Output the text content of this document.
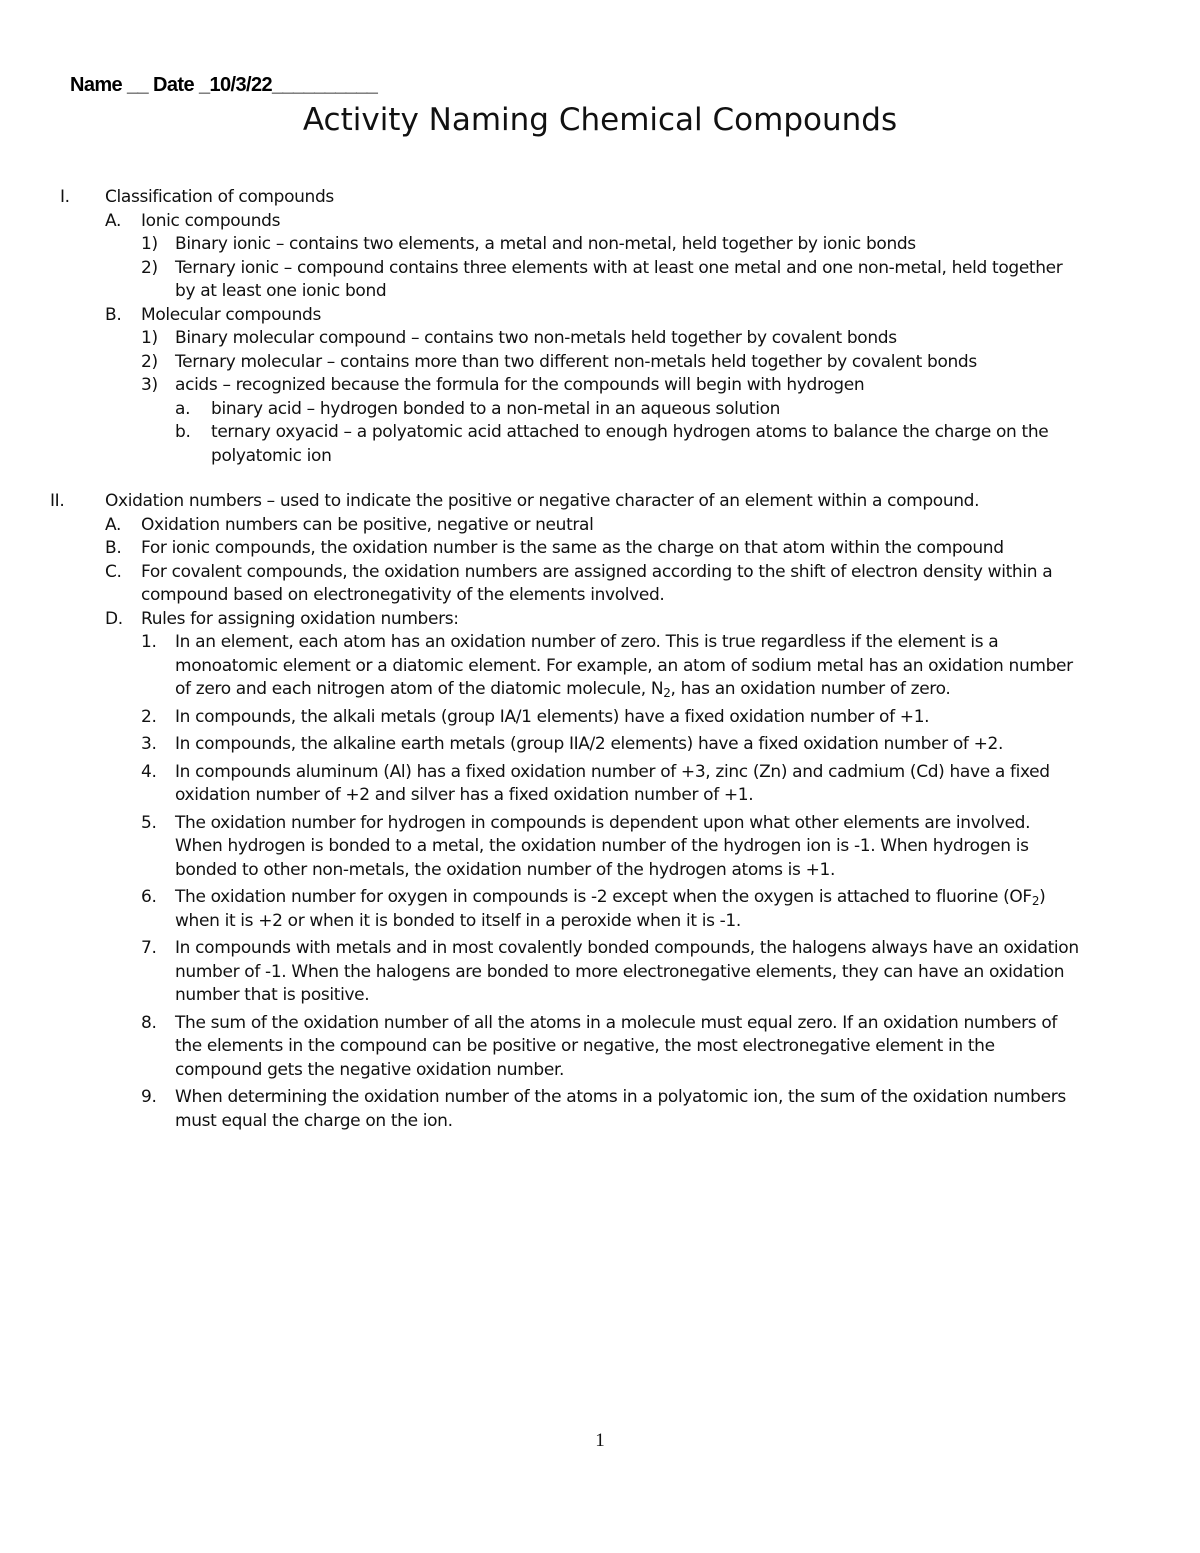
Name __ Date _10/3/22__________
Activity Naming Chemical Compounds
I. Classification of compounds
A. Ionic compounds
1) Binary ionic – contains two elements, a metal and non-metal, held together by ionic bonds
2) Ternary ionic – compound contains three elements with at least one metal and one non-metal, held together
by at least one ionic bond
B. Molecular compounds
1) Binary molecular compound – contains two non-metals held together by covalent bonds
2) Ternary molecular – contains more than two different non-metals held together by covalent bonds
3) acids – recognized because the formula for the compounds will begin with hydrogen
a. binary acid – hydrogen bonded to a non-metal in an aqueous solution
b. ternary oxyacid – a polyatomic acid attached to enough hydrogen atoms to balance the charge on the
polyatomic ion
II. Oxidation numbers – used to indicate the positive or negative character of an element within a compound.
A. Oxidation numbers can be positive, negative or neutral
B. For ionic compounds, the oxidation number is the same as the charge on that atom within the compound
C. For covalent compounds, the oxidation numbers are assigned according to the shift of electron density within a
compound based on electronegativity of the elements involved.
D. Rules for assigning oxidation numbers:
1. In an element, each atom has an oxidation number of zero. This is true regardless if the element is a
monoatomic element or a diatomic element. For example, an atom of sodium metal has an oxidation number
of zero and each nitrogen atom of the diatomic molecule, $N_2$, has an oxidation number of zero.
2. In compounds, the alkali metals (group IA/1 elements) have a fixed oxidation number of +1.
3. In compounds, the alkaline earth metals (group IIA/2 elements) have a fixed oxidation number of +2.
4. In compounds aluminum (Al) has a fixed oxidation number of +3, zinc (Zn) and cadmium (Cd) have a fixed
oxidation number of +2 and silver has a fixed oxidation number of +1.
5. The oxidation number for hydrogen in compounds is dependent upon what other elements are involved.
When hydrogen is bonded to a metal, the oxidation number of the hydrogen ion is -1. When hydrogen is
bonded to other non-metals, the oxidation number of the hydrogen atoms is +1.
6. The oxidation number for oxygen in compounds is -2 except when the oxygen is attached to fluorine $(OF_2)$
when it is +2 or when it is bonded to itself in a peroxide when it is -1.
7. In compounds with metals and in most covalently bonded compounds, the halogens always have an oxidation
number of -1. When the halogens are bonded to more electronegative elements, they can have an oxidation
number that is positive.
8. The sum of the oxidation number of all the atoms in a molecule must equal zero. If an oxidation numbers of
the elements in the compound can be positive or negative, the most electronegative element in the
compound gets the negative oxidation number.
9. When determining the oxidation number of the atoms in a polyatomic ion, the sum of the oxidation numbers
must equal the charge on the ion.
1
